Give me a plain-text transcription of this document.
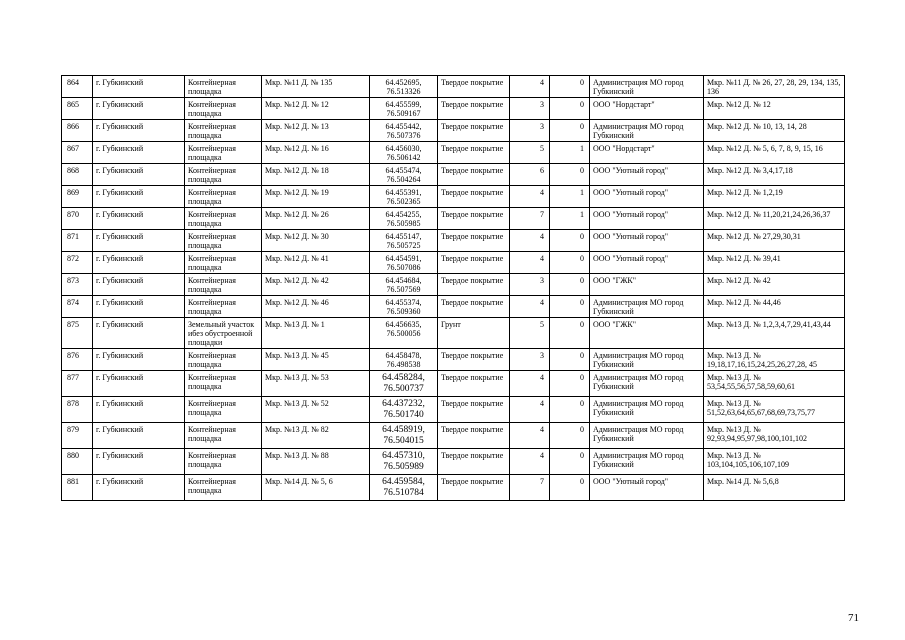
864	г. Губкинский	Контейнерная площадка	Мкр. №11 Д. № 135	64.452695, 76.513326	Твердое покрытие	4	0	Администрация МО город Губкинский	Мкр. №11 Д. № 26, 27, 28, 29, 134, 135, 136
865	г. Губкинский	Контейнерная площадка	Мкр. №12 Д. № 12	64.455599, 76.509167	Твердое покрытие	3	0	ООО "Нордстарт"	Мкр. №12 Д. № 12
866	г. Губкинский	Контейнерная площадка	Мкр. №12 Д. № 13	64.455442, 76.507376	Твердое покрытие	3	0	Администрация МО город Губкинский	Мкр. №12 Д. № 10, 13, 14, 28
867	г. Губкинский	Контейнерная площадка	Мкр. №12 Д. № 16	64.456030, 76.506142	Твердое покрытие	5	1	ООО "Нордстарт"	Мкр. №12 Д. № 5, 6, 7, 8, 9, 15, 16
868	г. Губкинский	Контейнерная площадка	Мкр. №12 Д. № 18	64.455474, 76.504264	Твердое покрытие	6	0	ООО "Уютный город"	Мкр. №12 Д. № 3,4,17,18
869	г. Губкинский	Контейнерная площадка	Мкр. №12 Д. № 19	64.455391, 76.502365	Твердое покрытие	4	1	ООО "Уютный город"	Мкр. №12 Д. № 1,2,19
870	г. Губкинский	Контейнерная площадка	Мкр. №12 Д. № 26	64.454255, 76.505985	Твердое покрытие	7	1	ООО "Уютный город"	Мкр. №12 Д. № 11,20,21,24,26,36,37
871	г. Губкинский	Контейнерная площадка	Мкр. №12 Д. № 30	64.455147, 76.505725	Твердое покрытие	4	0	ООО "Уютный город"	Мкр. №12 Д. № 27,29,30,31
872	г. Губкинский	Контейнерная площадка	Мкр. №12 Д. № 41	64.454591, 76.507086	Твердое покрытие	4	0	ООО "Уютный город"	Мкр. №12 Д. № 39,41
873	г. Губкинский	Контейнерная площадка	Мкр. №12 Д. № 42	64.454684, 76.507569	Твердое покрытие	3	0	ООО "ГЖК"	Мкр. №12 Д. № 42
874	г. Губкинский	Контейнерная площадка	Мкр. №12 Д. № 46	64.455374, 76.509360	Твердое покрытие	4	0	Администрация МО город Губкинский	Мкр. №12 Д. № 44,46
875	г. Губкинский	Земельный участок ибез обустроенной площадки	Мкр. №13 Д. № 1	64.456635, 76.500056	Грунт	5	0	ООО "ГЖК"	Мкр. №13 Д. № 1,2,3,4,7,29,41,43,44
876	г. Губкинский	Контейнерная площадка	Мкр. №13 Д. № 45	64.458478, 76.498538	Твердое покрытие	3	0	Администрация МО город Губкинский	Мкр. №13 Д. № 19,18,17,16,15,24,25,26,27,28, 45
877	г. Губкинский	Контейнерная площадка	Мкр. №13 Д. № 53	64.458284, 76.500737	Твердое покрытие	4	0	Администрация МО город Губкинский	Мкр. №13 Д. № 53,54,55,56,57,58,59,60,61
878	г. Губкинский	Контейнерная площадка	Мкр. №13 Д. № 52	64.437232, 76.501740	Твердое покрытие	4	0	Администрация МО город Губкинский	Мкр. №13 Д. № 51,52,63,64,65,67,68,69,73,75,77
879	г. Губкинский	Контейнерная площадка	Мкр. №13 Д. № 82	64.458919, 76.504015	Твердое покрытие	4	0	Администрация МО город Губкинский	Мкр. №13 Д. № 92,93,94,95,97,98,100,101,102
880	г. Губкинский	Контейнерная площадка	Мкр. №13 Д. № 88	64.457310, 76.505989	Твердое покрытие	4	0	Администрация МО город Губкинский	Мкр. №13 Д. № 103,104,105,106,107,109
881	г. Губкинский	Контейнерная площадка	Мкр. №14 Д. № 5, 6	64.459584, 76.510784	Твердое покрытие	7	0	ООО "Уютный город"	Мкр. №14 Д. № 5,6,8
71
